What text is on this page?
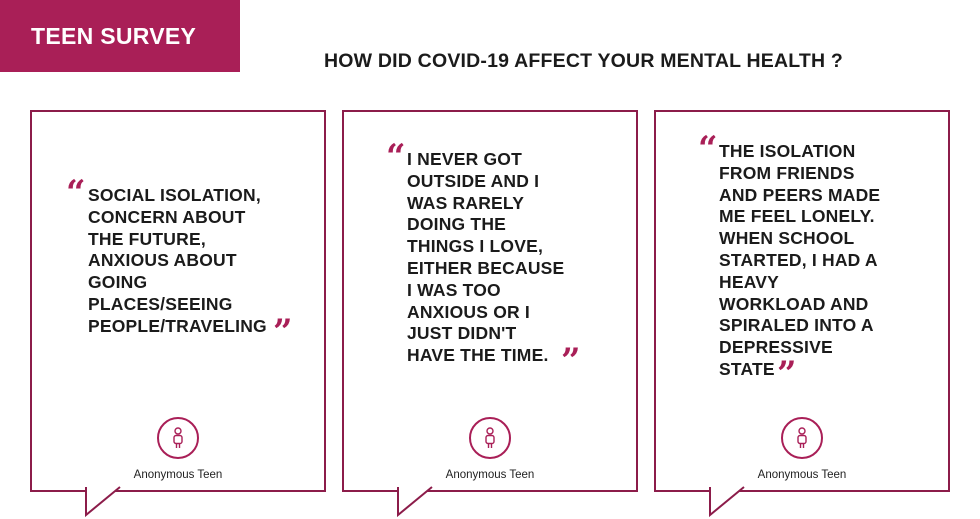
TEEN SURVEY
HOW DID COVID-19 AFFECT YOUR MENTAL HEALTH ?
“ SOCIAL ISOLATION,
CONCERN ABOUT
THE FUTURE,
ANXIOUS ABOUT
GOING
PLACES/SEEING
PEOPLE/TRAVELING ”
Anonymous Teen
“ I NEVER GOT
OUTSIDE AND I
WAS RARELY
DOING THE
THINGS I LOVE,
EITHER BECAUSE
I WAS TOO
ANXIOUS OR I
JUST DIDN'T
HAVE THE TIME. ”
Anonymous Teen
“ THE ISOLATION
FROM FRIENDS
AND PEERS MADE
ME FEEL LONELY.
WHEN SCHOOL
STARTED, I HAD A
HEAVY
WORKLOAD AND
SPIRALED INTO A
DEPRESSIVE
STATE ”
Anonymous Teen
